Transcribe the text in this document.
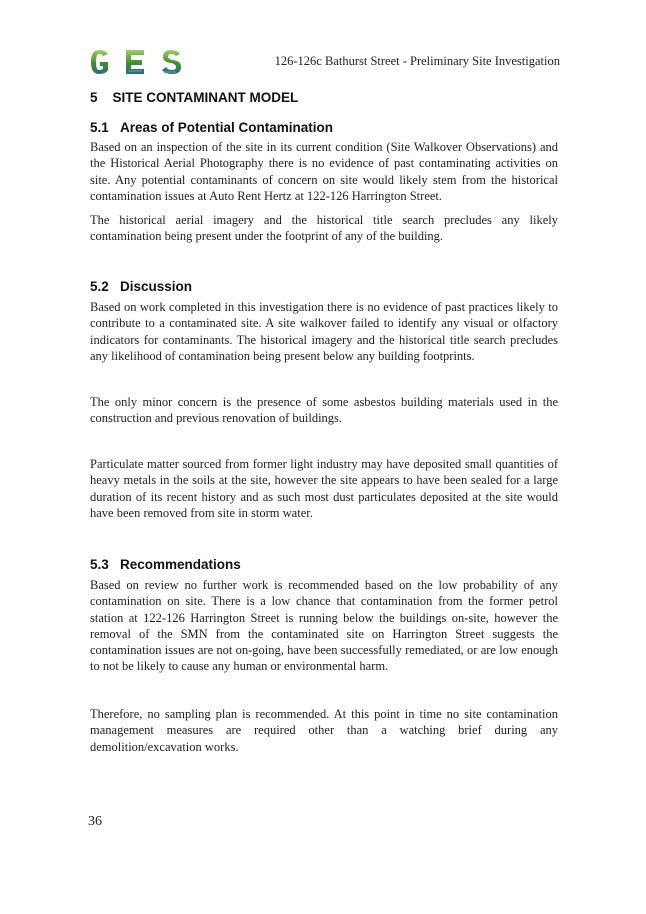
126-126c Bathurst Street - Preliminary Site Investigation
5 SITE CONTAMINANT MODEL
5.1 Areas of Potential Contamination

Based on an inspection of the site in its current condition (Site Walkover Observations) and the Historical Aerial Photography there is no evidence of past contaminating activities on site. Any potential contaminants of concern on site would likely stem from the historical contamination issues at Auto Rent Hertz at 122-126 Harrington Street.

The historical aerial imagery and the historical title search precludes any likely contamination being present under the footprint of any of the building.

5.2 Discussion

Based on work completed in this investigation there is no evidence of past practices likely to contribute to a contaminated site. A site walkover failed to identify any visual or olfactory indicators for contaminants. The historical imagery and the historical title search precludes any likelihood of contamination being present below any building footprints.

The only minor concern is the presence of some asbestos building materials used in the construction and previous renovation of buildings.

Particulate matter sourced from former light industry may have deposited small quantities of heavy metals in the soils at the site, however the site appears to have been sealed for a large duration of its recent history and as such most dust particulates deposited at the site would have been removed from site in storm water.

5.3 Recommendations

Based on review no further work is recommended based on the low probability of any contamination on site. There is a low chance that contamination from the former petrol station at 122-126 Harrington Street is running below the buildings on-site, however the removal of the SMN from the contaminated site on Harrington Street suggests the contamination issues are not on-going, have been successfully remediated, or are low enough to not be likely to cause any human or environmental harm.

Therefore, no sampling plan is recommended. At this point in time no site contamination management measures are required other than a watching brief during any demolition/excavation works.

36
